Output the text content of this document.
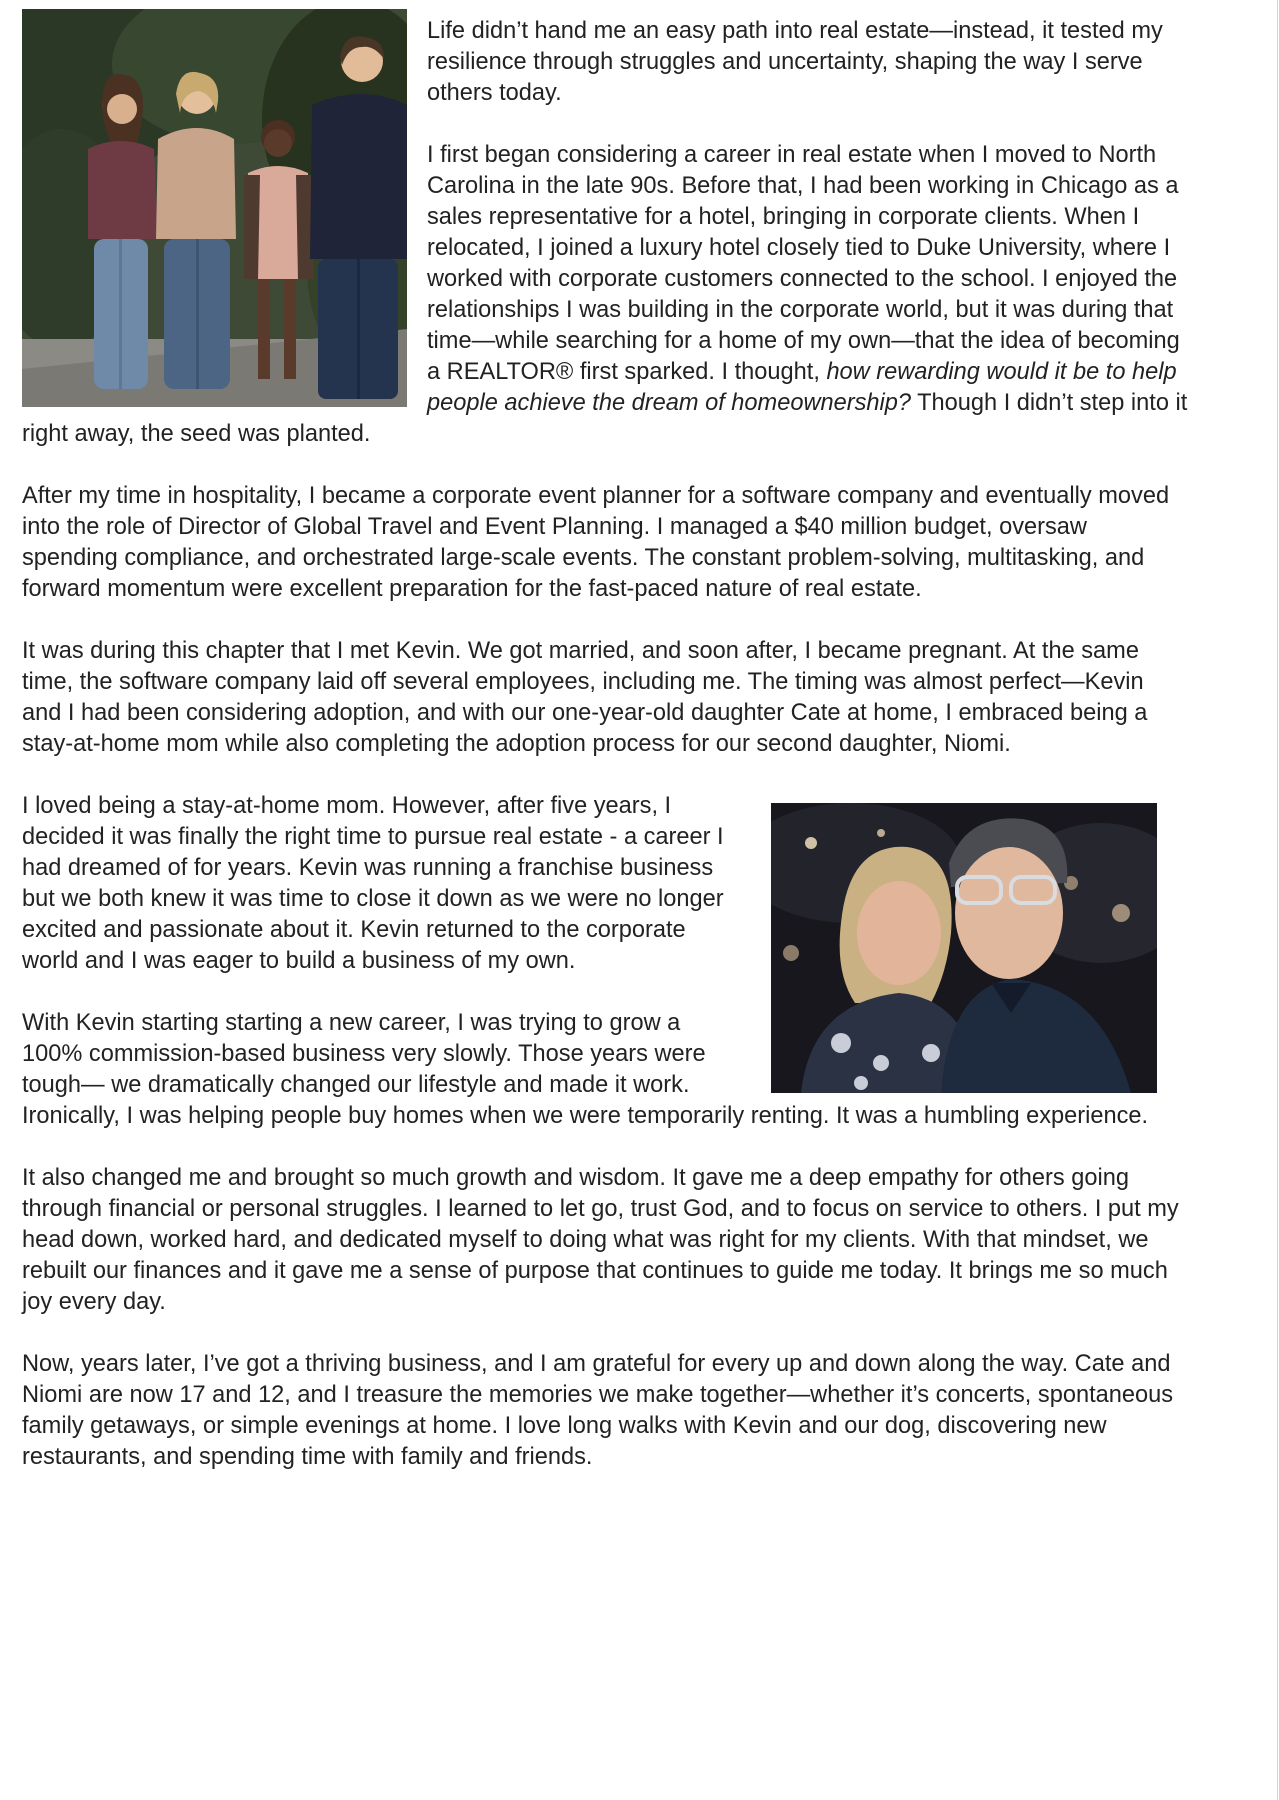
Life didn’t hand me an easy path into real estate—instead, it tested my resilience through struggles and uncertainty, shaping the way I serve others today.

I first began considering a career in real estate when I moved to North Carolina in the late 90s. Before that, I had been working in Chicago as a sales representative for a hotel, bringing in corporate clients. When I relocated, I joined a luxury hotel closely tied to Duke University, where I worked with corporate customers connected to the school. I enjoyed the relationships I was building in the corporate world, but it was during that time—while searching for a home of my own—that the idea of becoming a REALTOR® first sparked. I thought, how rewarding would it be to help people achieve the dream of homeownership? Though I didn’t step into it right away, the seed was planted.

After my time in hospitality, I became a corporate event planner for a software company and eventually moved into the role of Director of Global Travel and Event Planning. I managed a $40 million budget, oversaw spending compliance, and orchestrated large-scale events. The constant problem-solving, multitasking, and forward momentum were excellent preparation for the fast-paced nature of real estate.

It was during this chapter that I met Kevin. We got married, and soon after, I became pregnant. At the same time, the software company laid off several employees, including me. The timing was almost perfect—Kevin and I had been considering adoption, and with our one-year-old daughter Cate at home, I embraced being a stay-at-home mom while also completing the adoption process for our second daughter, Niomi.

I loved being a stay-at-home mom. However, after five years, I decided it was finally the right time to pursue real estate - a career I had dreamed of for years. Kevin was running a franchise business but we both knew it was time to close it down as we were no longer excited and passionate about it. Kevin returned to the corporate world and I was eager to build a business of my own.

With Kevin starting starting a new career, I was trying to grow a 100% commission-based business very slowly. Those years were tough— we dramatically changed our lifestyle and made it work. Ironically, I was helping people buy homes when we were temporarily renting. It was a humbling experience.

It also changed me and brought so much growth and wisdom. It gave me a deep empathy for others going through financial or personal struggles. I learned to let go, trust God, and to focus on service to others. I put my head down, worked hard, and dedicated myself to doing what was right for my clients. With that mindset, we rebuilt our finances and it gave me a sense of purpose that continues to guide me today. It brings me so much joy every day.

Now, years later, I’ve got a thriving business, and I am grateful for every up and down along the way. Cate and Niomi are now 17 and 12, and I treasure the memories we make together—whether it’s concerts, spontaneous family getaways, or simple evenings at home. I love long walks with Kevin and our dog, discovering new restaurants, and spending time with family and friends.
